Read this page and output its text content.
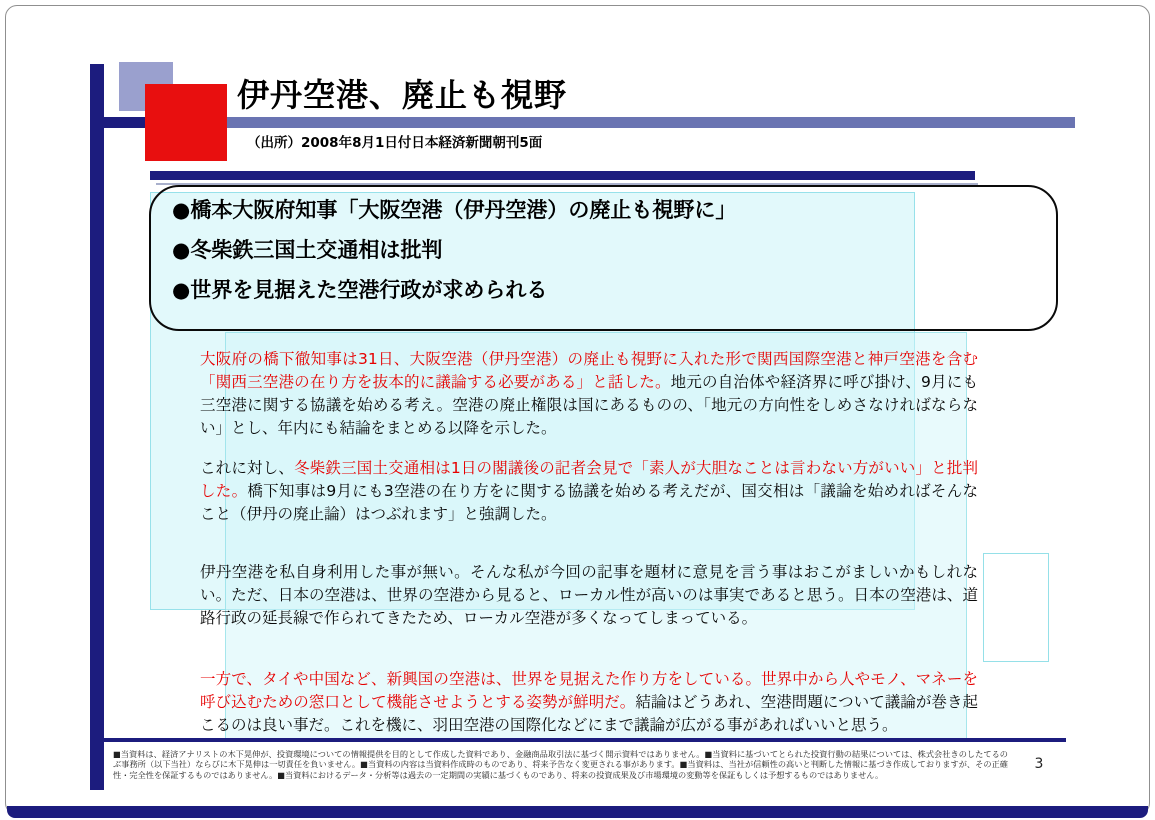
伊丹空港、廃止も視野
（出所）2008年8月1日付日本経済新聞朝刊5面
●橋本大阪府知事「大阪空港（伊丹空港）の廃止も視野に」
●冬柴鉄三国土交通相は批判
●世界を見据えた空港行政が求められる
大阪府の橋下徹知事は31日、大阪空港（伊丹空港）の廃止も視野に入れた形で関西国際空港と神戸空港を含む「関西三空港の在り方を抜本的に議論する必要がある」と話した。地元の自治体や経済界に呼び掛け、9月にも三空港に関する協議を始める考え。空港の廃止権限は国にあるものの、「地元の方向性をしめさなければならない」とし、年内にも結論をまとめる以降を示した。
これに対し、冬柴鉄三国土交通相は1日の閣議後の記者会見で「素人が大胆なことは言わない方がいい」と批判した。橋下知事は9月にも3空港の在り方をに関する協議を始める考えだが、国交相は「議論を始めればそんなこと（伊丹の廃止論）はつぶれます」と強調した。
伊丹空港を私自身利用した事が無い。そんな私が今回の記事を題材に意見を言う事はおこがましいかもしれない。ただ、日本の空港は、世界の空港から見ると、ローカル性が高いのは事実であると思う。日本の空港は、道路行政の延長線で作られてきたため、ローカル空港が多くなってしまっている。
一方で、タイや中国など、新興国の空港は、世界を見据えた作り方をしている。世界中から人やモノ、マネーを呼び込むための窓口として機能させようとする姿勢が鮮明だ。結論はどうあれ、空港問題について議論が巻き起こるのは良い事だ。これを機に、羽田空港の国際化などにまで議論が広がる事があればいいと思う。
■当資料は、経済アナリストの木下晃伸が、投資環境についての情報提供を目的として作成した資料であり、金融商品取引法に基づく開示資料ではありません。■当資料に基づいてとられた投資行動の結果については、株式会社きのしたてるのぶ事務所（以下当社）ならびに木下晃伸は一切責任を負いません。■当資料の内容は当資料作成時のものであり、将来予告なく変更される事があります。■当資料は、当社が信頼性の高いと判断した情報に基づき作成しておりますが、その正確性・完全性を保証するものではありません。■当資料におけるデータ・分析等は過去の一定期間の実績に基づくものであり、将来の投資成果及び市場環境の変動等を保証もしくは予想するものではありません。
3
